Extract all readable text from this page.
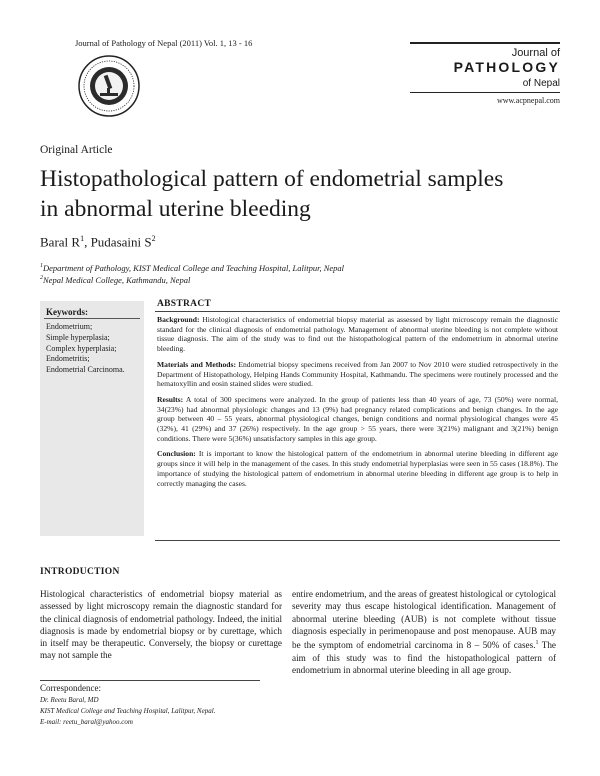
Journal of Pathology of Nepal (2011) Vol. 1, 13 - 16
Journal of
PATHOLOGY
of Nepal
www.acpnepal.com
Original Article
Histopathological pattern of endometrial samples in abnormal uterine bleeding
Baral $R^1$, Pudasaini $S^2$
$^1$Department of Pathology, KIST Medical College and Teaching Hospital, Lalitpur, Nepal
$^2$Nepal Medical College, Kathmandu, Nepal
Keywords:
Endometrium;
Simple hyperplasia;
Complex hyperplasia;
Endometritis;
Endometrial Carcinoma.
ABSTRACT

Background: Histological characteristics of endometrial biopsy material as assessed by light microscopy remain the diagnostic standard for the clinical diagnosis of endometrial pathology. Management of abnormal uterine bleeding is not complete without tissue diagnosis. The aim of the study was to find out the histopathological pattern of the endometrium in abnormal uterine bleeding.

Materials and Methods: Endometrial biopsy specimens received from Jan 2007 to Nov 2010 were studied retrospectively in the Department of Histopathology, Helping Hands Community Hospital, Kathmandu. The specimens were routinely processed and the hematoxyllin and eosin stained slides were studied.

Results: A total of 300 specimens were analyzed. In the group of patients less than 40 years of age, 73 (50%) were normal, 34(23%) had abnormal physiologic changes and 13 (9%) had pregnancy related complications and benign changes. In the age group between 40 – 55 years, abnormal physiological changes, benign conditions and normal physiological changes were 45 (32%), 41 (29%) and 37 (26%) respectively. In the age group > 55 years, there were 3(21%) malignant and 3(21%) benign conditions. There were 5(36%) unsatisfactory samples in this age group.

Conclusion: It is important to know the histological pattern of the endometrium in abnormal uterine bleeding in different age groups since it will help in the management of the cases. In this study endometrial hyperplasias were seen in 55 cases (18.8%). The importance of studying the histological pattern of endometrium in abnormal uterine bleeding in different age group is to help in correctly managing the cases.

INTRODUCTION
Histological characteristics of endometrial biopsy material as assessed by light microscopy remain the diagnostic standard for the clinical diagnosis of endometrial pathology. Indeed, the initial diagnosis is made by endometrial biopsy or by curettage, which in itself may be therapeutic. Conversely, the biopsy or curettage may not sample the
entire endometrium, and the areas of greatest histological or cytological severity may thus escape histological identification. Management of abnormal uterine bleeding (AUB) is not complete without tissue diagnosis especially in perimenopause and post menopause. AUB may be the symptom of endometrial carcinoma in 8 – 50% of cases.$^1$ The aim of this study was to find the histopathological pattern of endometrium in abnormal uterine bleeding in all age group.
Correspondence:
Dr. Reetu Baral, MD
KIST Medical College and Teaching Hospital, Lalitpur, Nepal.
E-mail: reetu_baral@yahoo.com
